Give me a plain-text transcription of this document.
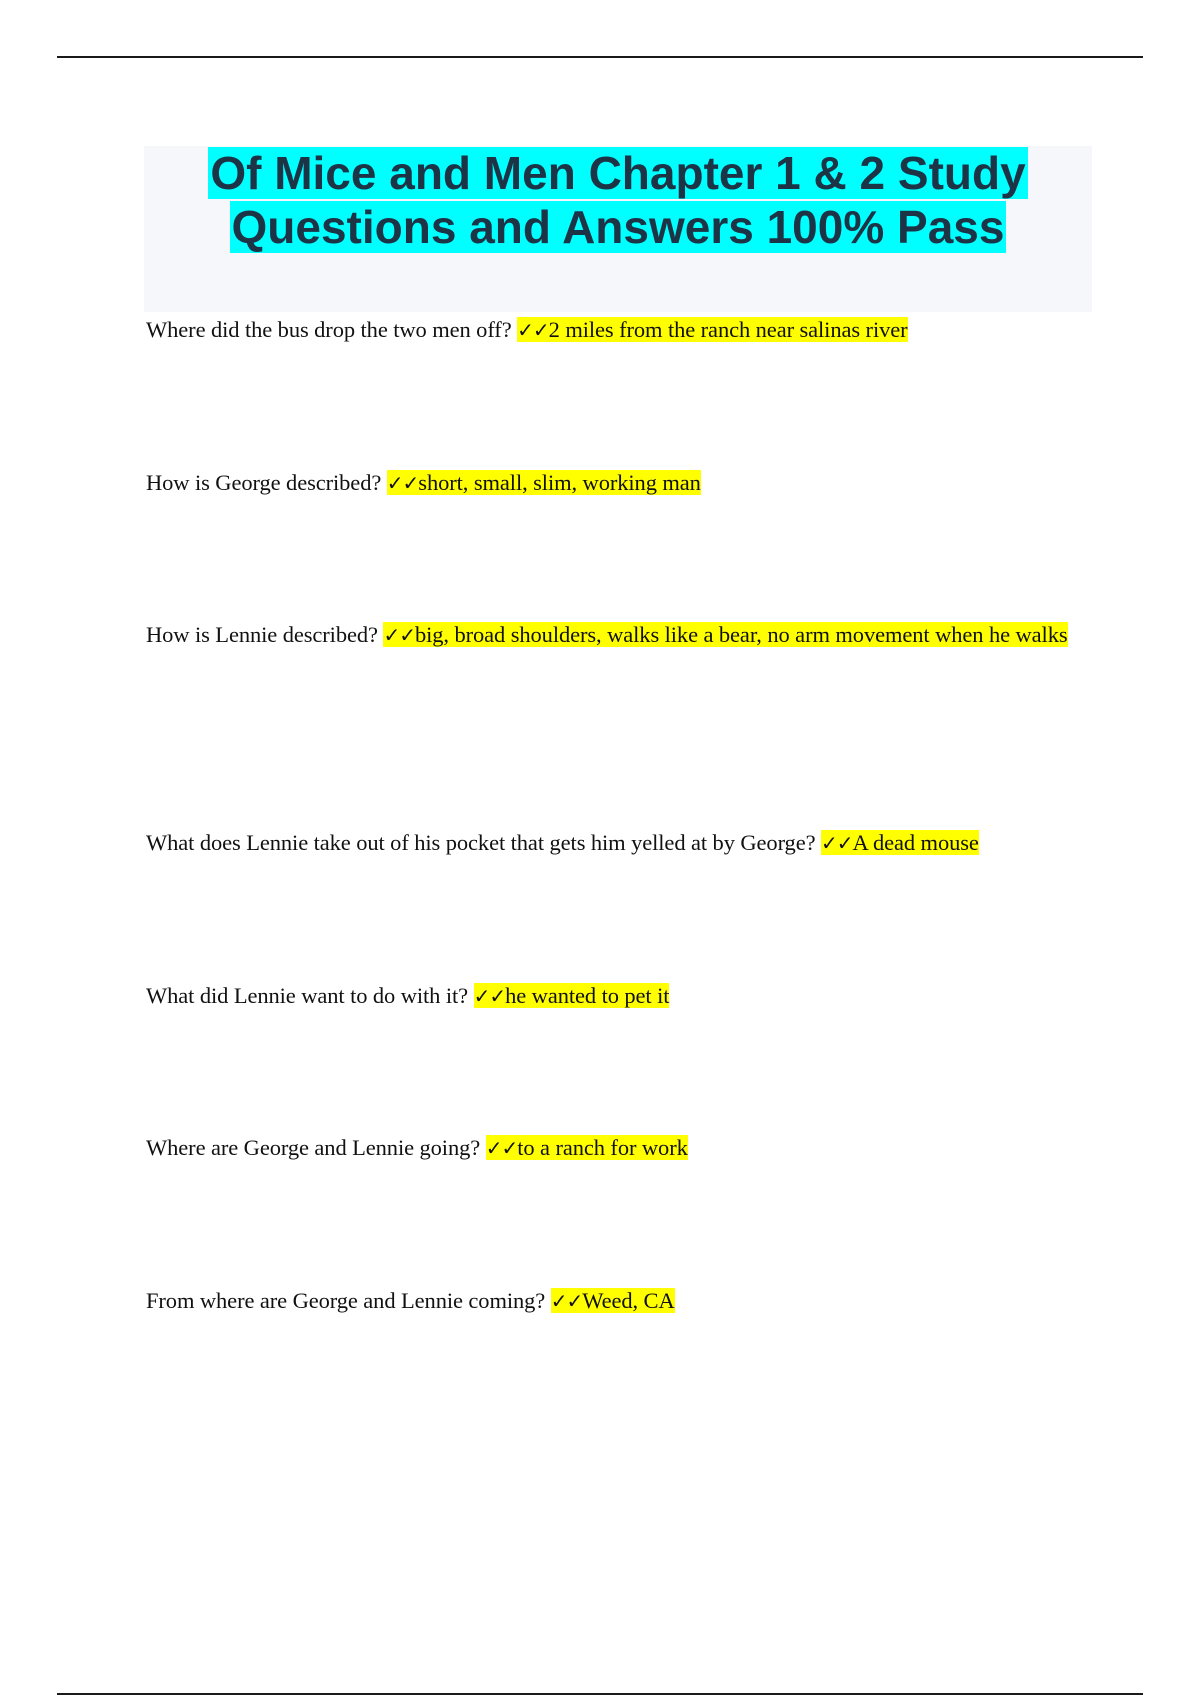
Of Mice and Men Chapter 1 & 2 Study
Questions and Answers 100% Pass

Where did the bus drop the two men off? ✓✓2 miles from the ranch near salinas river

How is George described? ✓✓short, small, slim, working man

How is Lennie described? ✓✓big, broad shoulders, walks like a bear, no arm movement when he walks

What does Lennie take out of his pocket that gets him yelled at by George? ✓✓A dead mouse

What did Lennie want to do with it? ✓✓he wanted to pet it

Where are George and Lennie going? ✓✓to a ranch for work

From where are George and Lennie coming? ✓✓Weed, CA
